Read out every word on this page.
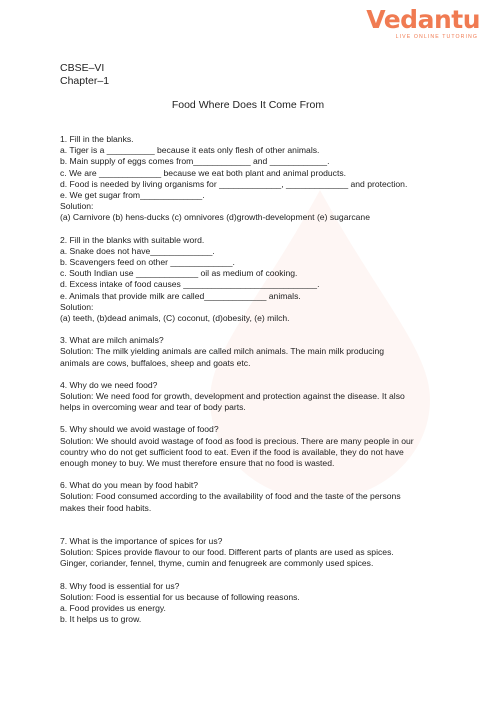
Vedantu
LIVE ONLINE TUTORING
CBSE–VI
Chapter–1
Food Where Does It Come From

1. Fill in the blanks.

a. Tiger is a __________ because it eats only flesh of other animals.

b. Main supply of eggs comes from____________ and ____________.

c. We are _____________ because we eat both plant and animal products.

d. Food is needed by living organisms for _____________, _____________ and protection.

e. We get sugar from_____________.

Solution:

(a) Carnivore (b) hens-ducks (c) omnivores (d)growth-development (e) sugarcane

2. Fill in the blanks with suitable word.

a. Snake does not have_____________.

b. Scavengers feed on other _____________.

c. South Indian use _____________ oil as medium of cooking.

d. Excess intake of food causes ____________________________.

e. Animals that provide milk are called_____________ animals.

Solution:

(a) teeth, (b)dead animals, (C) coconut, (d)obesity, (e) milch.

3. What are milch animals?

Solution: The milk yielding animals are called milch animals. The main milk producing

animals are cows, buffaloes, sheep and goats etc.

4. Why do we need food?

Solution: We need food for growth, development and protection against the disease. It also

helps in overcoming wear and tear of body parts.

5. Why should we avoid wastage of food?

Solution: We should avoid wastage of food as food is precious. There are many people in our

country who do not get sufficient food to eat. Even if the food is available, they do not have

enough money to buy. We must therefore ensure that no food is wasted.

6. What do you mean by food habit?

Solution: Food consumed according to the availability of food and the taste of the persons

makes their food habits.

7. What is the importance of spices for us?

Solution: Spices provide flavour to our food. Different parts of plants are used as spices.

Ginger, coriander, fennel, thyme, cumin and fenugreek are commonly used spices.

8. Why food is essential for us?

Solution: Food is essential for us because of following reasons.

a. Food provides us energy.

b. It helps us to grow.
